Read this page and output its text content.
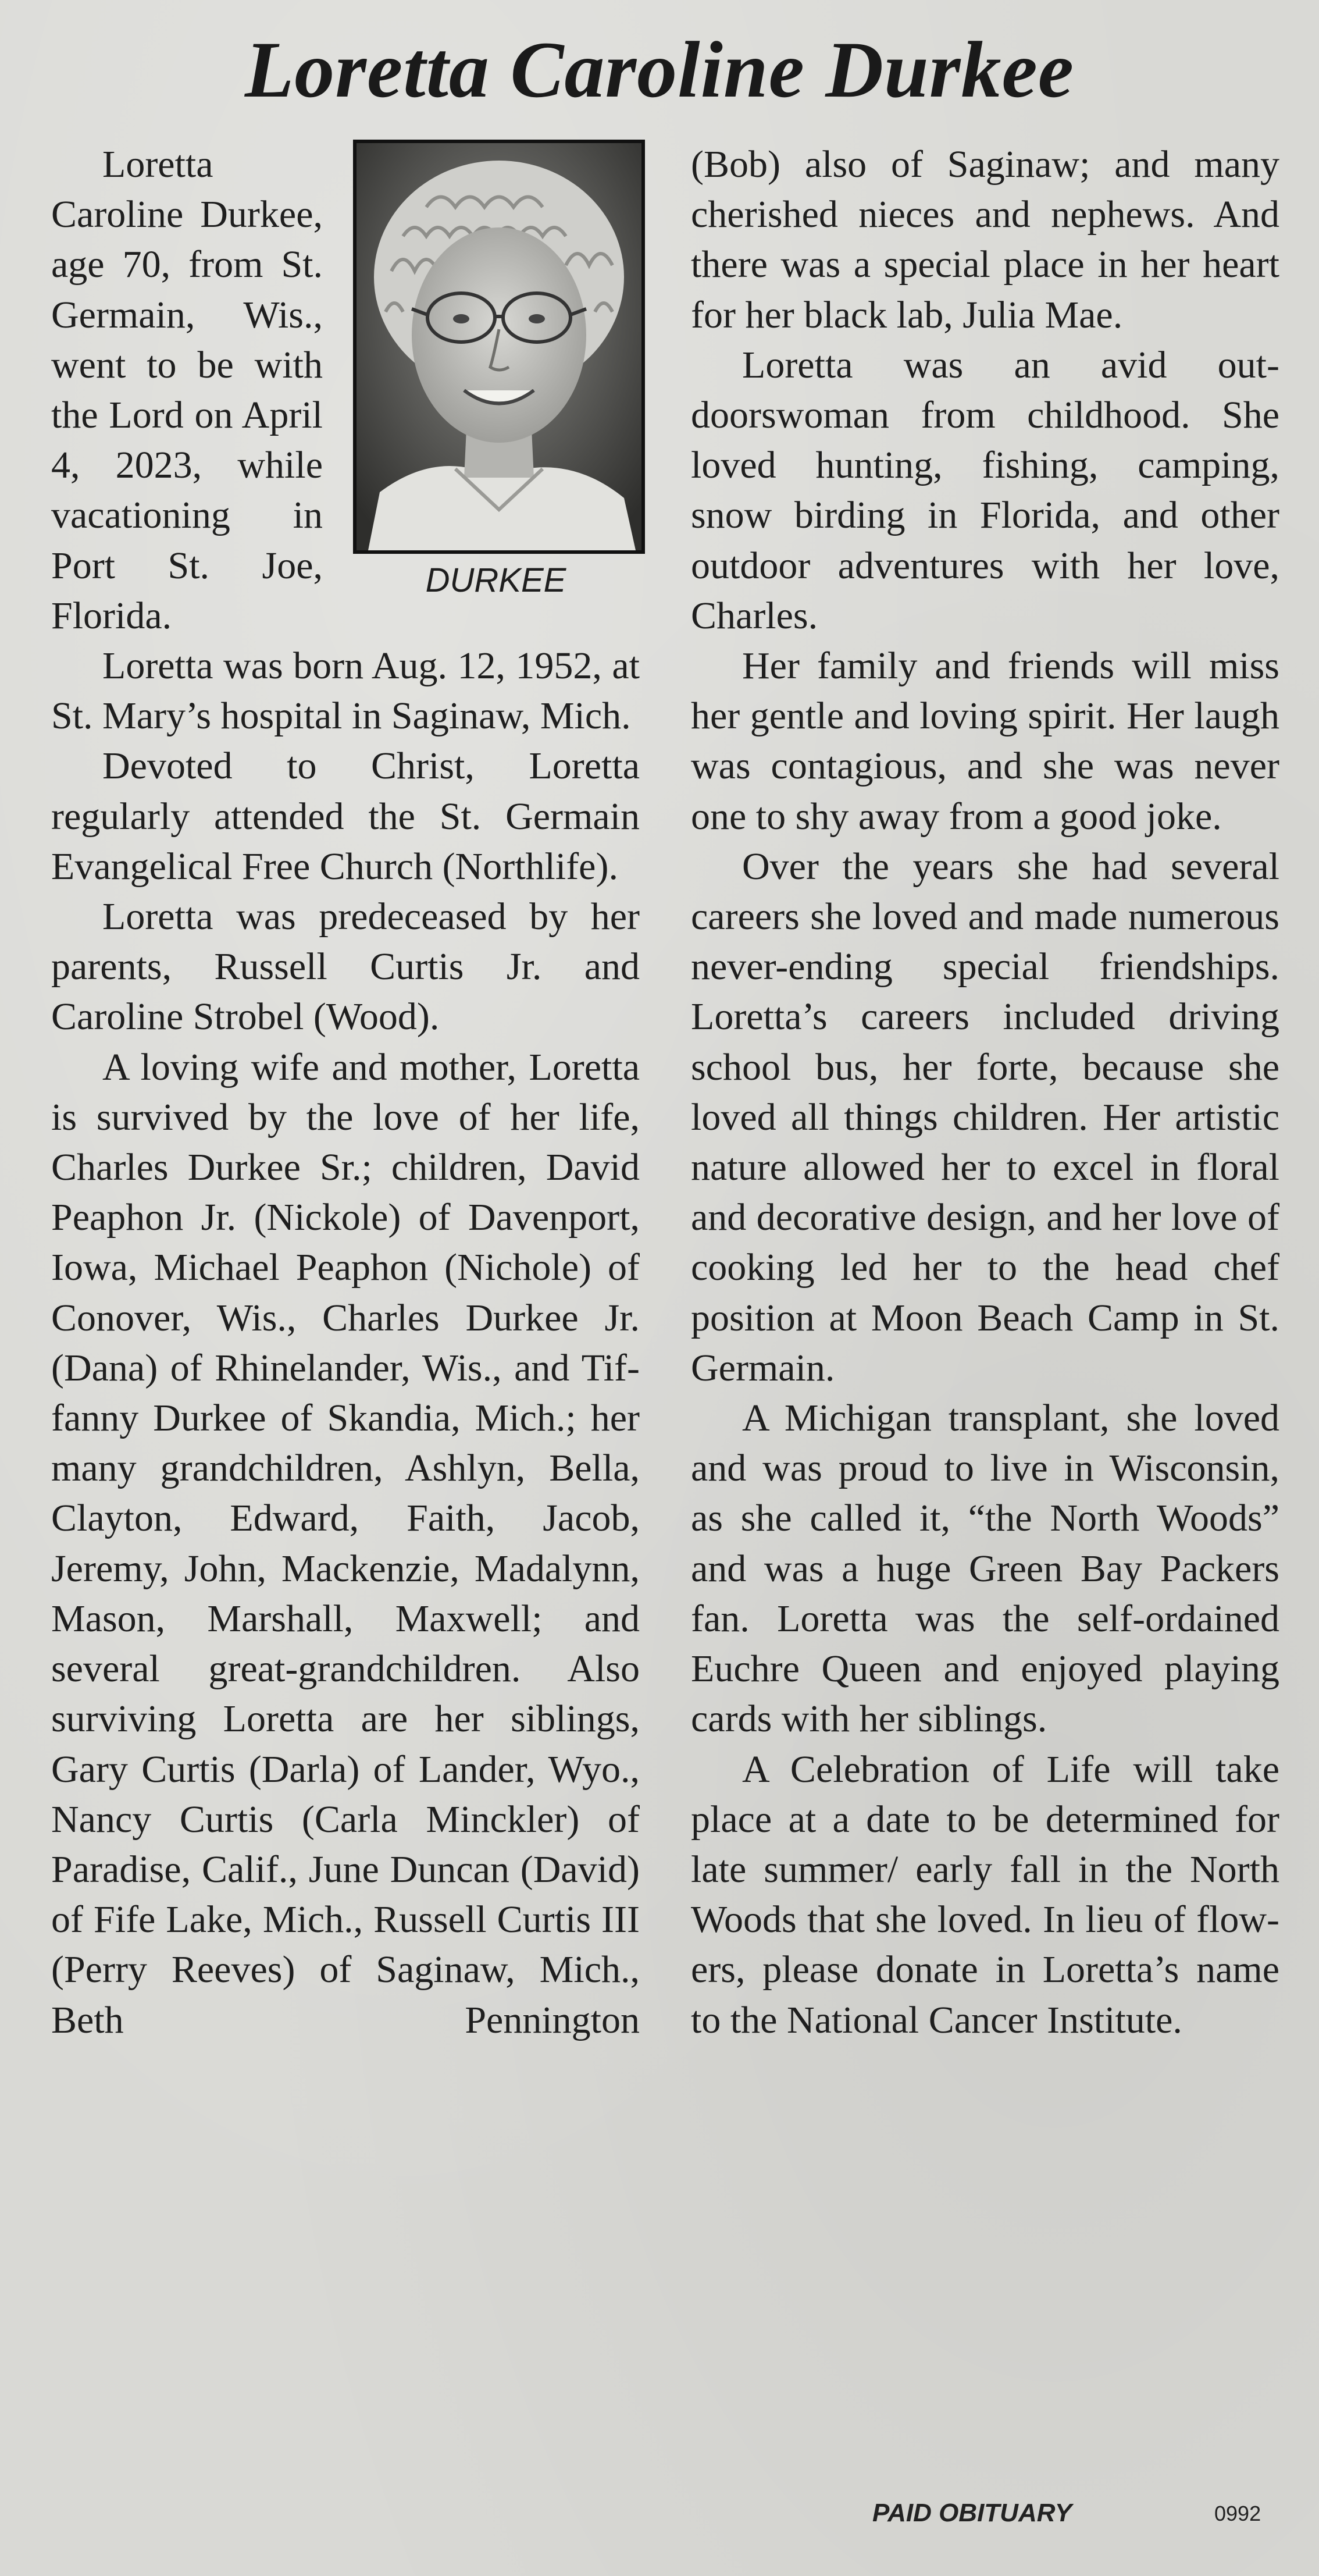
Loretta Caroline Durkee
DURKEE

Loretta Caroline Durkee, age 70, from St. Germain, Wis., went to be with the Lord on April 4, 2023, while vacationing in Port St. Joe, Florida.

Loretta was born Aug. 12, 1952, at St. Mary’s hospital in Saginaw, Mich.

Devoted to Christ, Loretta regularly attended the St. Germain Evangelical Free Church (Northlife).

Loretta was predeceased by her parents, Russell Curtis Jr. and Caroline Strobel (Wood).

A loving wife and mother, Loretta is survived by the love of her life, Charles Durkee Sr.; children, David Peaphon Jr. (Nickole) of Davenport, Iowa, Michael Peaphon (Nichole) of Conover, Wis., Charles Durkee Jr. (Dana) of Rhinelander, Wis., and Tiffanny Durkee of Skandia, Mich.; her many grandchildren, Ashlyn, Bella, Clayton, Edward, Faith, Jacob, Jeremy, John, Mackenzie, Madalynn, Mason, Marshall, Maxwell; and several great-grandchildren. Also surviving Loretta are her siblings, Gary Curtis (Darla) of Lander, Wyo., Nancy Curtis (Carla Minckler) of Paradise, Calif., June Duncan (David) of Fife Lake, Mich., Russell Curtis III (Perry Reeves) of Saginaw, Mich., Beth Pennington

(Bob) also of Saginaw; and many cherished nieces and nephews. And there was a special place in her heart for her black lab, Julia Mae.

Loretta was an avid outdoorswoman from childhood. She loved hunting, fishing, camping, snow birding in Florida, and other outdoor adventures with her love, Charles.

Her family and friends will miss her gentle and loving spirit. Her laugh was contagious, and she was never one to shy away from a good joke.

Over the years she had several careers she loved and made numerous never-ending special friendships. Loretta’s careers included driving school bus, her forte, because she loved all things children. Her artistic nature allowed her to excel in floral and decorative design, and her love of cooking led her to the head chef position at Moon Beach Camp in St. Germain.

A Michigan transplant, she loved and was proud to live in Wisconsin, as she called it, “the North Woods” and was a huge Green Bay Packers fan. Loretta was the self-ordained Euchre Queen and enjoyed playing cards with her siblings.

A Celebration of Life will take place at a date to be determined for late summer/ early fall in the North Woods that she loved. In lieu of flowers, please donate in Loretta’s name to the National Cancer Institute.

PAID OBITUARY	0992
